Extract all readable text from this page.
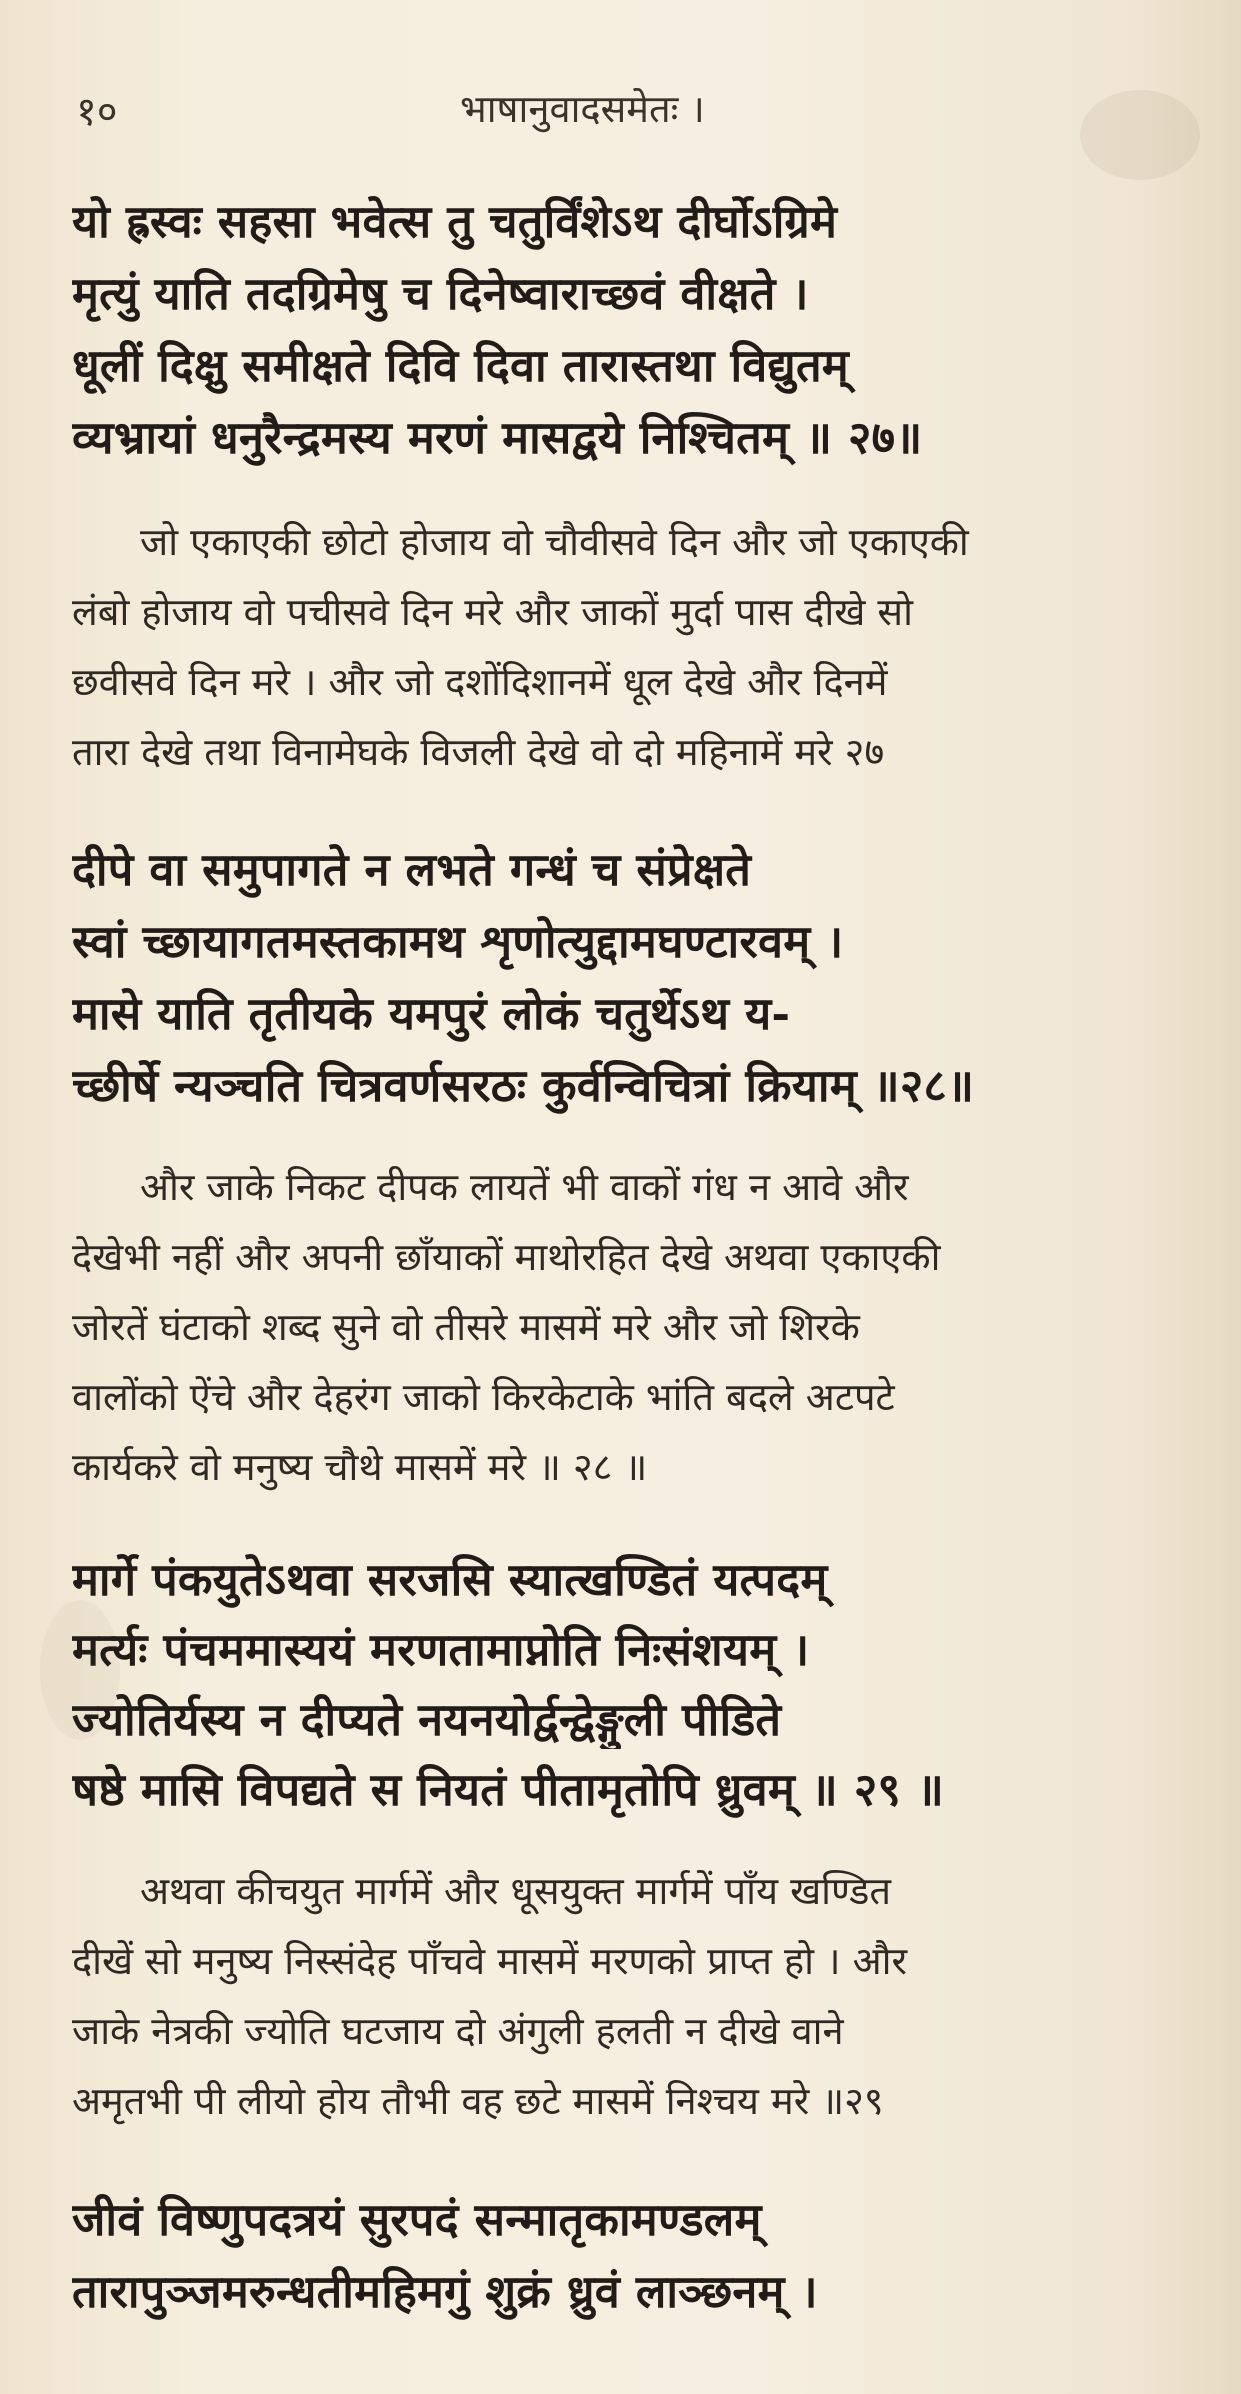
१०	भाषानुवादसमेतः ।
यो ह्रस्वः सहसा भवेत्स तु चतुर्विंशेऽथ दीर्घोऽग्रिमे
मृत्युं याति तदग्रिमेषु च दिनेष्वाराच्छवं वीक्षते ।
धूलीं दिक्षु समीक्षते दिवि दिवा तारास्तथा विद्युतम्
व्यभ्रायां धनुरैन्द्रमस्य मरणं मासद्वये निश्चितम् ॥ २७॥
जो एकाएकी छोटो होजाय वो चौवीसवे दिन और जो एकाएकी
लंबो होजाय वो पचीसवे दिन मरे और जाकों मुर्दा पास दीखे सो
छवीसवे दिन मरे । और जो दशोंदिशानमें धूल देखे और दिनमें
तारा देखे तथा विनामेघके विजली देखे वो दो महिनामें मरे २७
दीपे वा समुपागते न लभते गन्धं च संप्रेक्षते
स्वां च्छायागतमस्तकामथ शृणोत्युद्दामघण्टारवम् ।
मासे याति तृतीयके यमपुरं लोकं चतुर्थेऽथ य-
च्छीर्षे न्यञ्चति चित्रवर्णसरठः कुर्वन्विचित्रां क्रियाम् ॥२८॥
और जाके निकट दीपक लायतें भी वाकों गंध न आवे और
देखेभी नहीं और अपनी छाँयाकों माथोरहित देखे अथवा एकाएकी
जोरतें घंटाको शब्द सुने वो तीसरे मासमें मरे और जो शिरके
वालोंको ऐंचे और देहरंग जाको किरकेटाके भांति बदले अटपटे
कार्यकरे वो मनुष्य चौथे मासमें मरे ॥ २८ ॥
मार्गे पंकयुतेऽथवा सरजसि स्यात्खण्डितं यत्पदम्
मर्त्यः पंचममास्ययं मरणतामाप्नोति निःसंशयम् ।
ज्योतिर्यस्य न दीप्यते नयनयोर्द्वन्द्वेङ्गुली पीडिते
षष्ठे मासि विपद्यते स नियतं पीतामृतोपि ध्रुवम् ॥ २९ ॥
अथवा कीचयुत मार्गमें और धूसयुक्त मार्गमें पाँय खण्डित
दीखें सो मनुष्य निस्संदेह पाँचवे मासमें मरणको प्राप्त हो । और
जाके नेत्रकी ज्योति घटजाय दो अंगुली हलती न दीखे वाने
अमृतभी पी लीयो होय तौभी वह छटे मासमें निश्चय मरे ॥२९
जीवं विष्णुपदत्रयं सुरपदं सन्मातृकामण्डलम्
तारापुञ्जमरुन्धतीमहिमगुं शुक्रं ध्रुवं लाञ्छनम् ।
